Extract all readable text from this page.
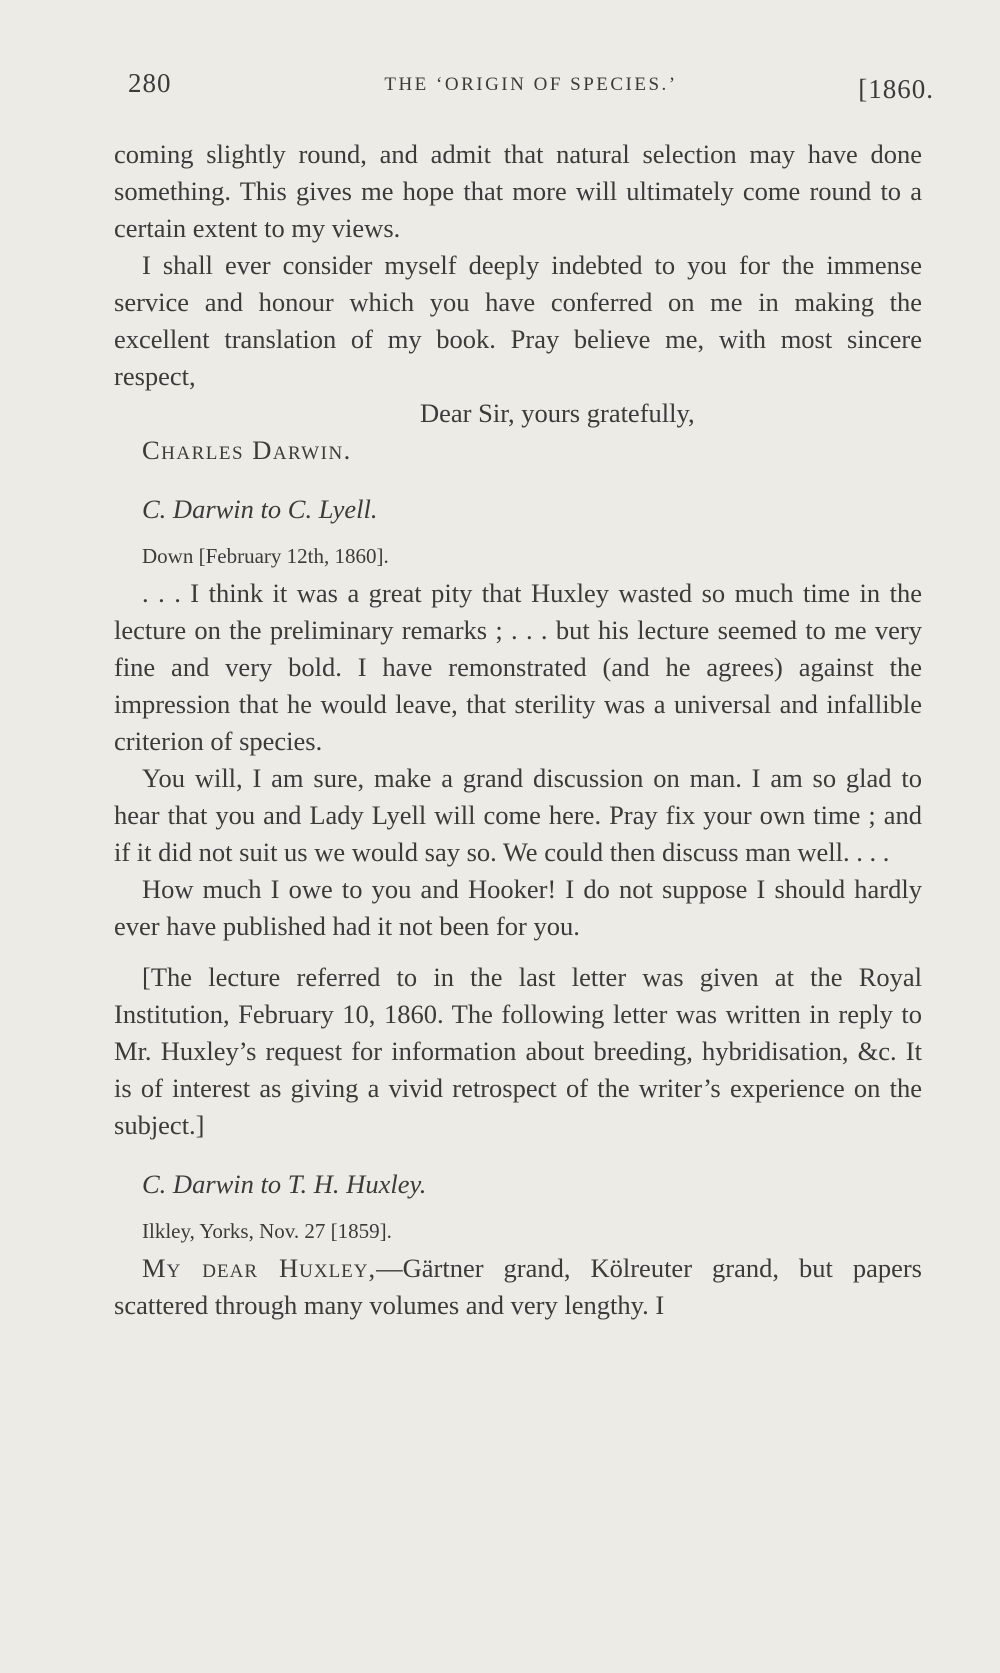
280	THE ‘ORIGIN OF SPECIES.’	[1860.

coming slightly round, and admit that natural selection may have done something. This gives me hope that more will ultimately come round to a certain extent to my views.

I shall ever consider myself deeply indebted to you for the immense service and honour which you have conferred on me in making the excellent translation of my book. Pray believe me, with most sincere respect,

Dear Sir, yours gratefully,

Charles Darwin.

C. Darwin to C. Lyell.

Down [February 12th, 1860].

. . . I think it was a great pity that Huxley wasted so much time in the lecture on the preliminary remarks ; . . . but his lecture seemed to me very fine and very bold. I have remonstrated (and he agrees) against the impression that he would leave, that sterility was a universal and infallible criterion of species.

You will, I am sure, make a grand discussion on man. I am so glad to hear that you and Lady Lyell will come here. Pray fix your own time ; and if it did not suit us we would say so. We could then discuss man well. . . .

How much I owe to you and Hooker! I do not suppose I should hardly ever have published had it not been for you.

[The lecture referred to in the last letter was given at the Royal Institution, February 10, 1860. The following letter was written in reply to Mr. Huxley’s request for information about breeding, hybridisation, &c. It is of interest as giving a vivid retrospect of the writer’s experience on the subject.]

C. Darwin to T. H. Huxley.

Ilkley, Yorks, Nov. 27 [1859].

My dear Huxley,—Gärtner grand, Kölreuter grand, but papers scattered through many volumes and very lengthy. I
